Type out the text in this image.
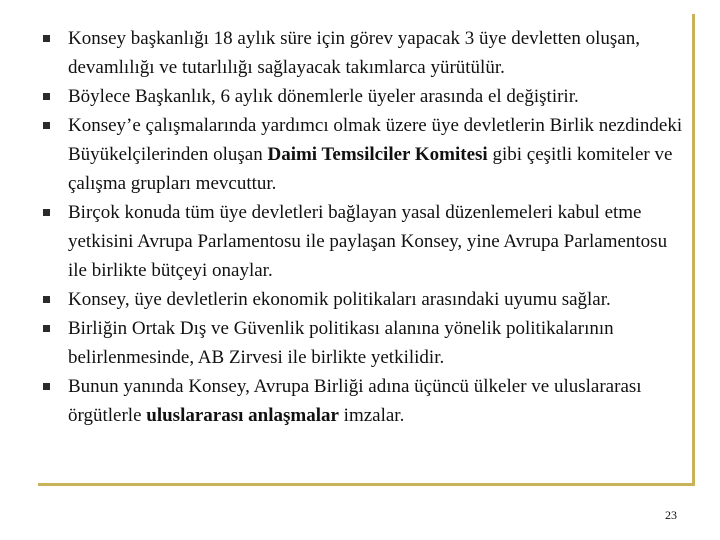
Konsey başkanlığı 18 aylık süre için görev yapacak 3 üye devletten oluşan, devamlılığı ve tutarlılığı sağlayacak takımlarca yürütülür.
Böylece Başkanlık, 6 aylık dönemlerle üyeler arasında el değiştirir.
Konsey’e çalışmalarında yardımcı olmak üzere üye devletlerin Birlik nezdindeki Büyükelçilerinden oluşan Daimi Temsilciler Komitesi gibi çeşitli komiteler ve çalışma grupları mevcuttur.
Birçok konuda tüm üye devletleri bağlayan yasal düzenlemeleri kabul etme yetkisini Avrupa Parlamentosu ile paylaşan Konsey, yine Avrupa Parlamentosu ile birlikte bütçeyi onaylar.
Konsey, üye devletlerin ekonomik politikaları arasındaki uyumu sağlar.
Birliğin Ortak Dış ve Güvenlik politikası alanına yönelik politikalarının belirlenmesinde, AB Zirvesi ile birlikte yetkilidir.
Bunun yanında Konsey, Avrupa Birliği adına üçüncü ülkeler ve uluslararası örgütlerle uluslararası anlaşmalar imzalar.
23
